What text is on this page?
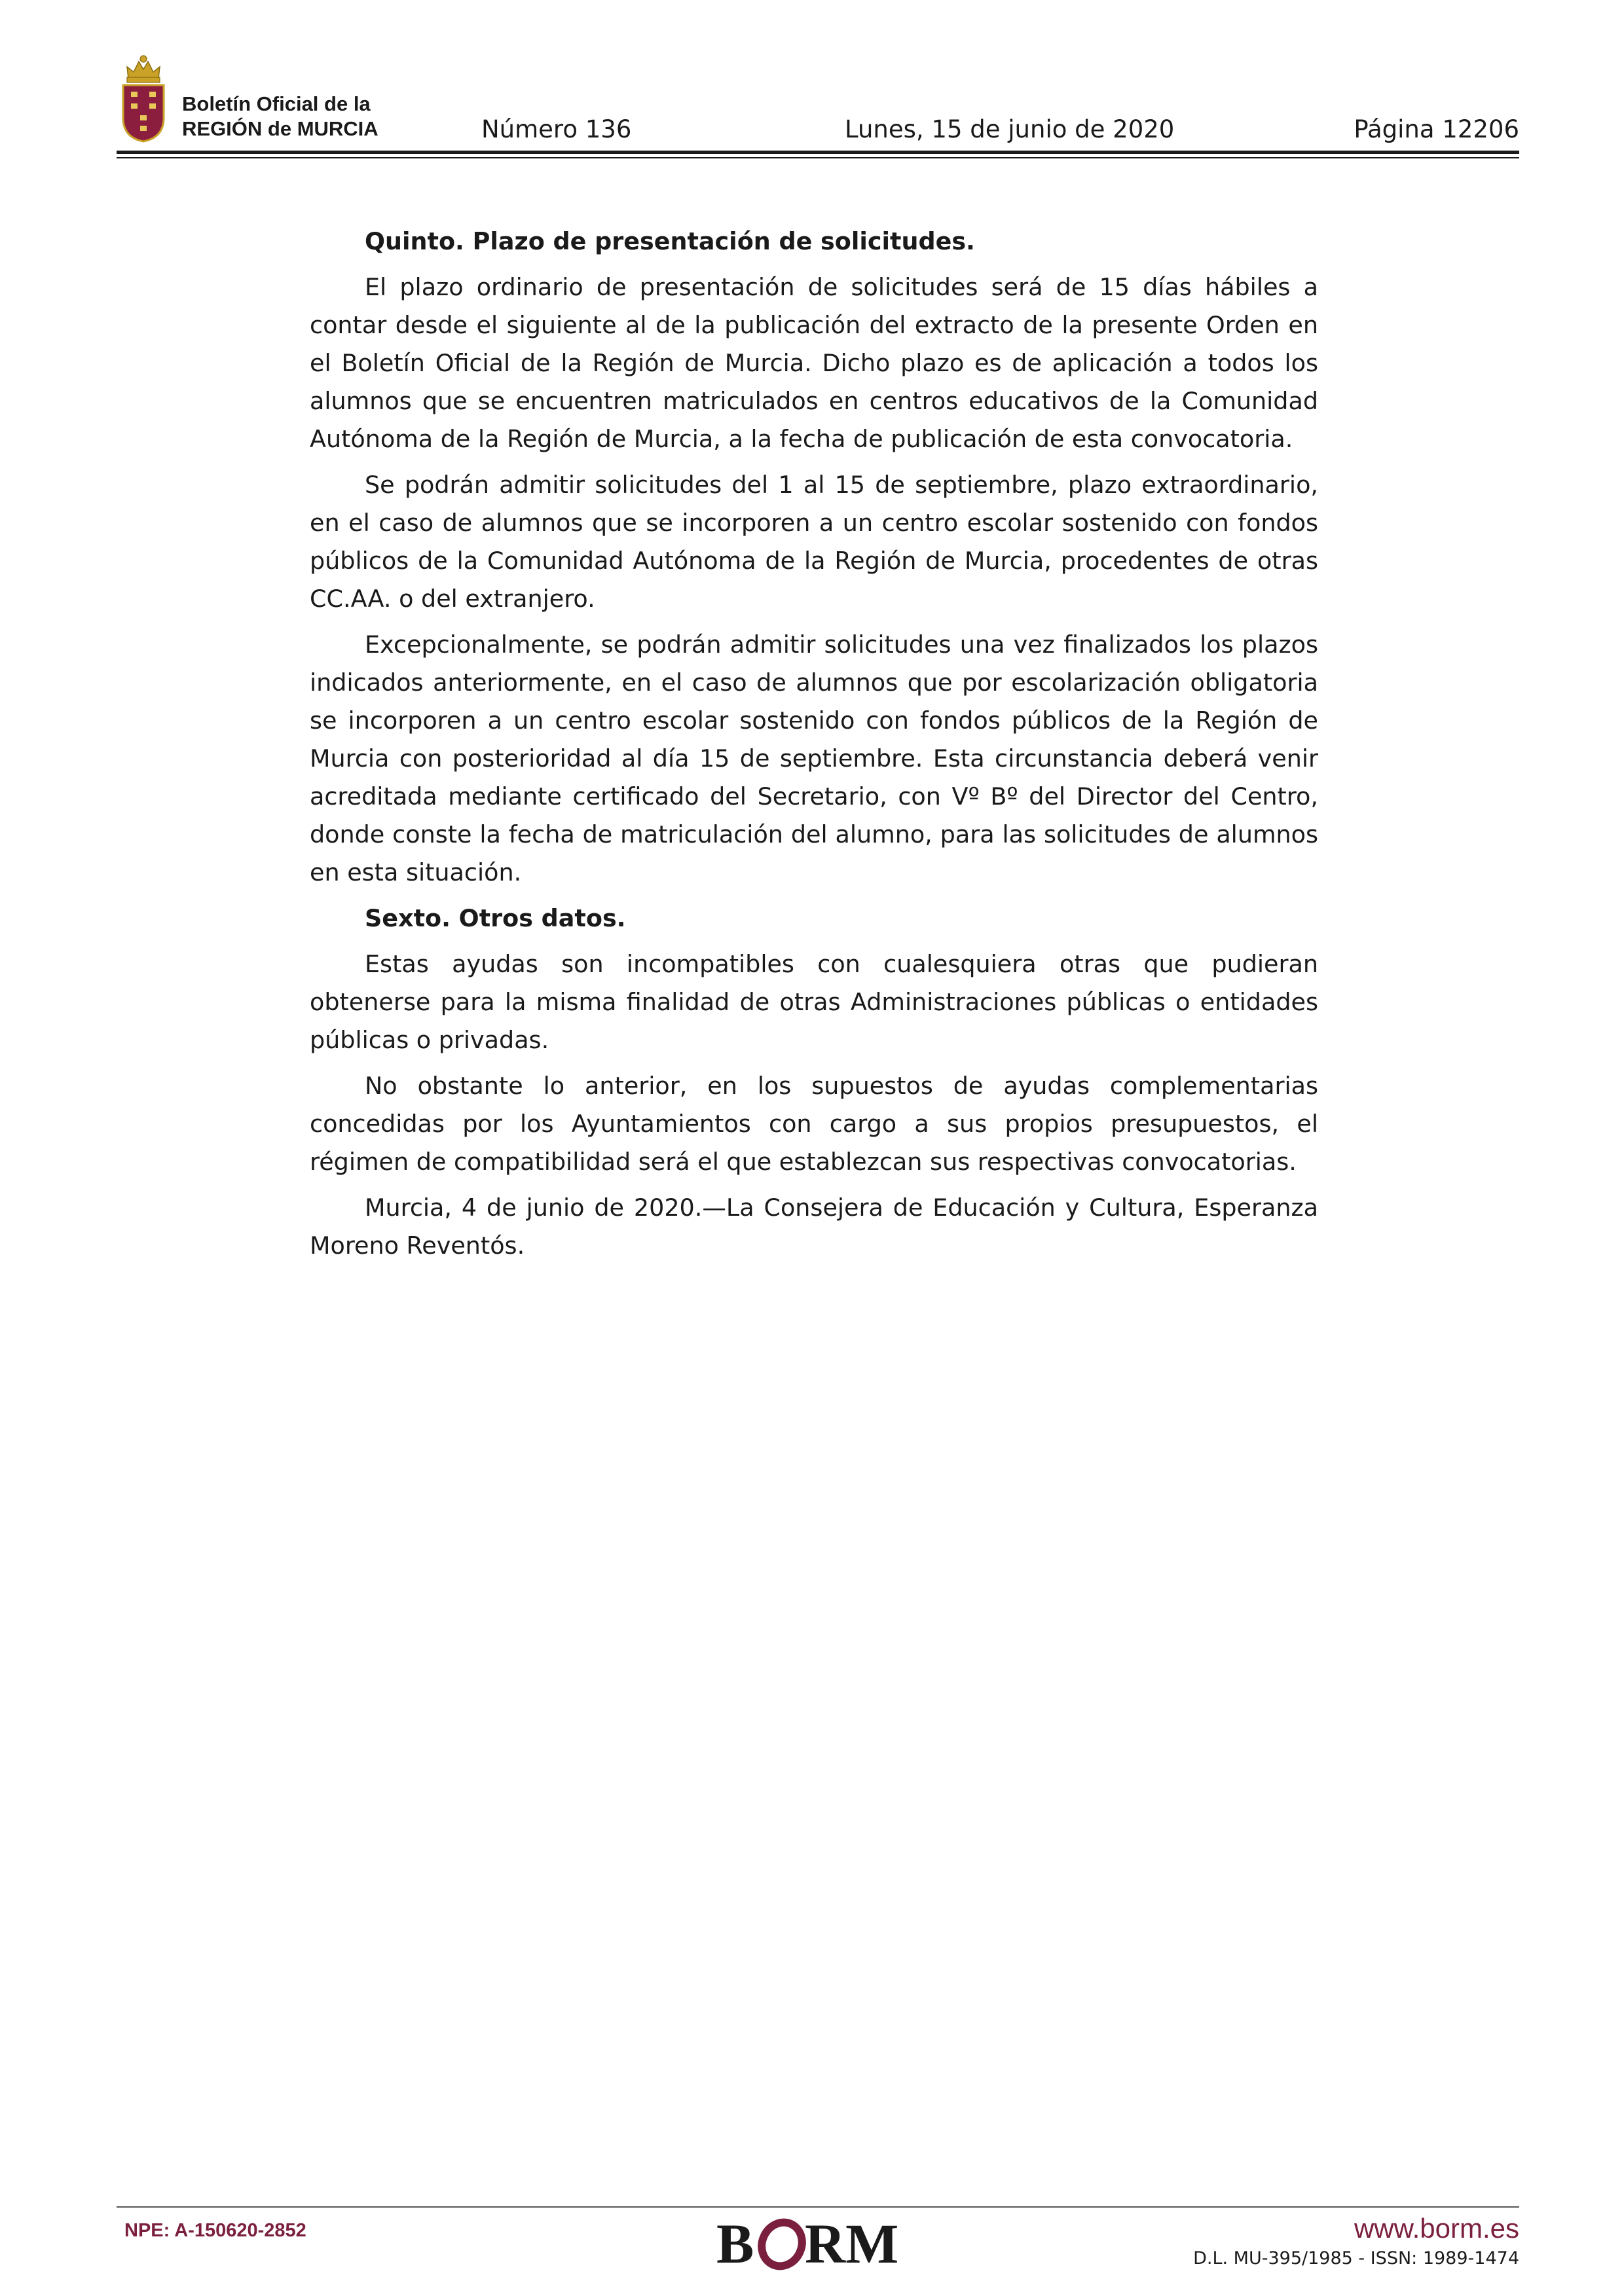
Boletín Oficial de la
REGIÓN de MURCIA	Número 136	Lunes, 15 de junio de 2020	Página 12206
Quinto. Plazo de presentación de solicitudes.

El plazo ordinario de presentación de solicitudes será de 15 días hábiles a contar desde el siguiente al de la publicación del extracto de la presente Orden en el Boletín Oficial de la Región de Murcia. Dicho plazo es de aplicación a todos los alumnos que se encuentren matriculados en centros educativos de la Comunidad Autónoma de la Región de Murcia, a la fecha de publicación de esta convocatoria.

Se podrán admitir solicitudes del 1 al 15 de septiembre, plazo extraordinario, en el caso de alumnos que se incorporen a un centro escolar sostenido con fondos públicos de la Comunidad Autónoma de la Región de Murcia, procedentes de otras CC.AA. o del extranjero.

Excepcionalmente, se podrán admitir solicitudes una vez finalizados los plazos indicados anteriormente, en el caso de alumnos que por escolarización obligatoria se incorporen a un centro escolar sostenido con fondos públicos de la Región de Murcia con posterioridad al día 15 de septiembre. Esta circunstancia deberá venir acreditada mediante certificado del Secretario, con Vº Bº del Director del Centro, donde conste la fecha de matriculación del alumno, para las solicitudes de alumnos en esta situación.

Sexto. Otros datos.

Estas ayudas son incompatibles con cualesquiera otras que pudieran obtenerse para la misma finalidad de otras Administraciones públicas o entidades públicas o privadas.

No obstante lo anterior, en los supuestos de ayudas complementarias concedidas por los Ayuntamientos con cargo a sus propios presupuestos, el régimen de compatibilidad será el que establezcan sus respectivas convocatorias.

Murcia, 4 de junio de 2020.—La Consejera de Educación y Cultura, Esperanza Moreno Reventós.

NPE: A-150620-2852	B RM	www.borm.es
D.L. MU-395/1985 - ISSN: 1989-1474
